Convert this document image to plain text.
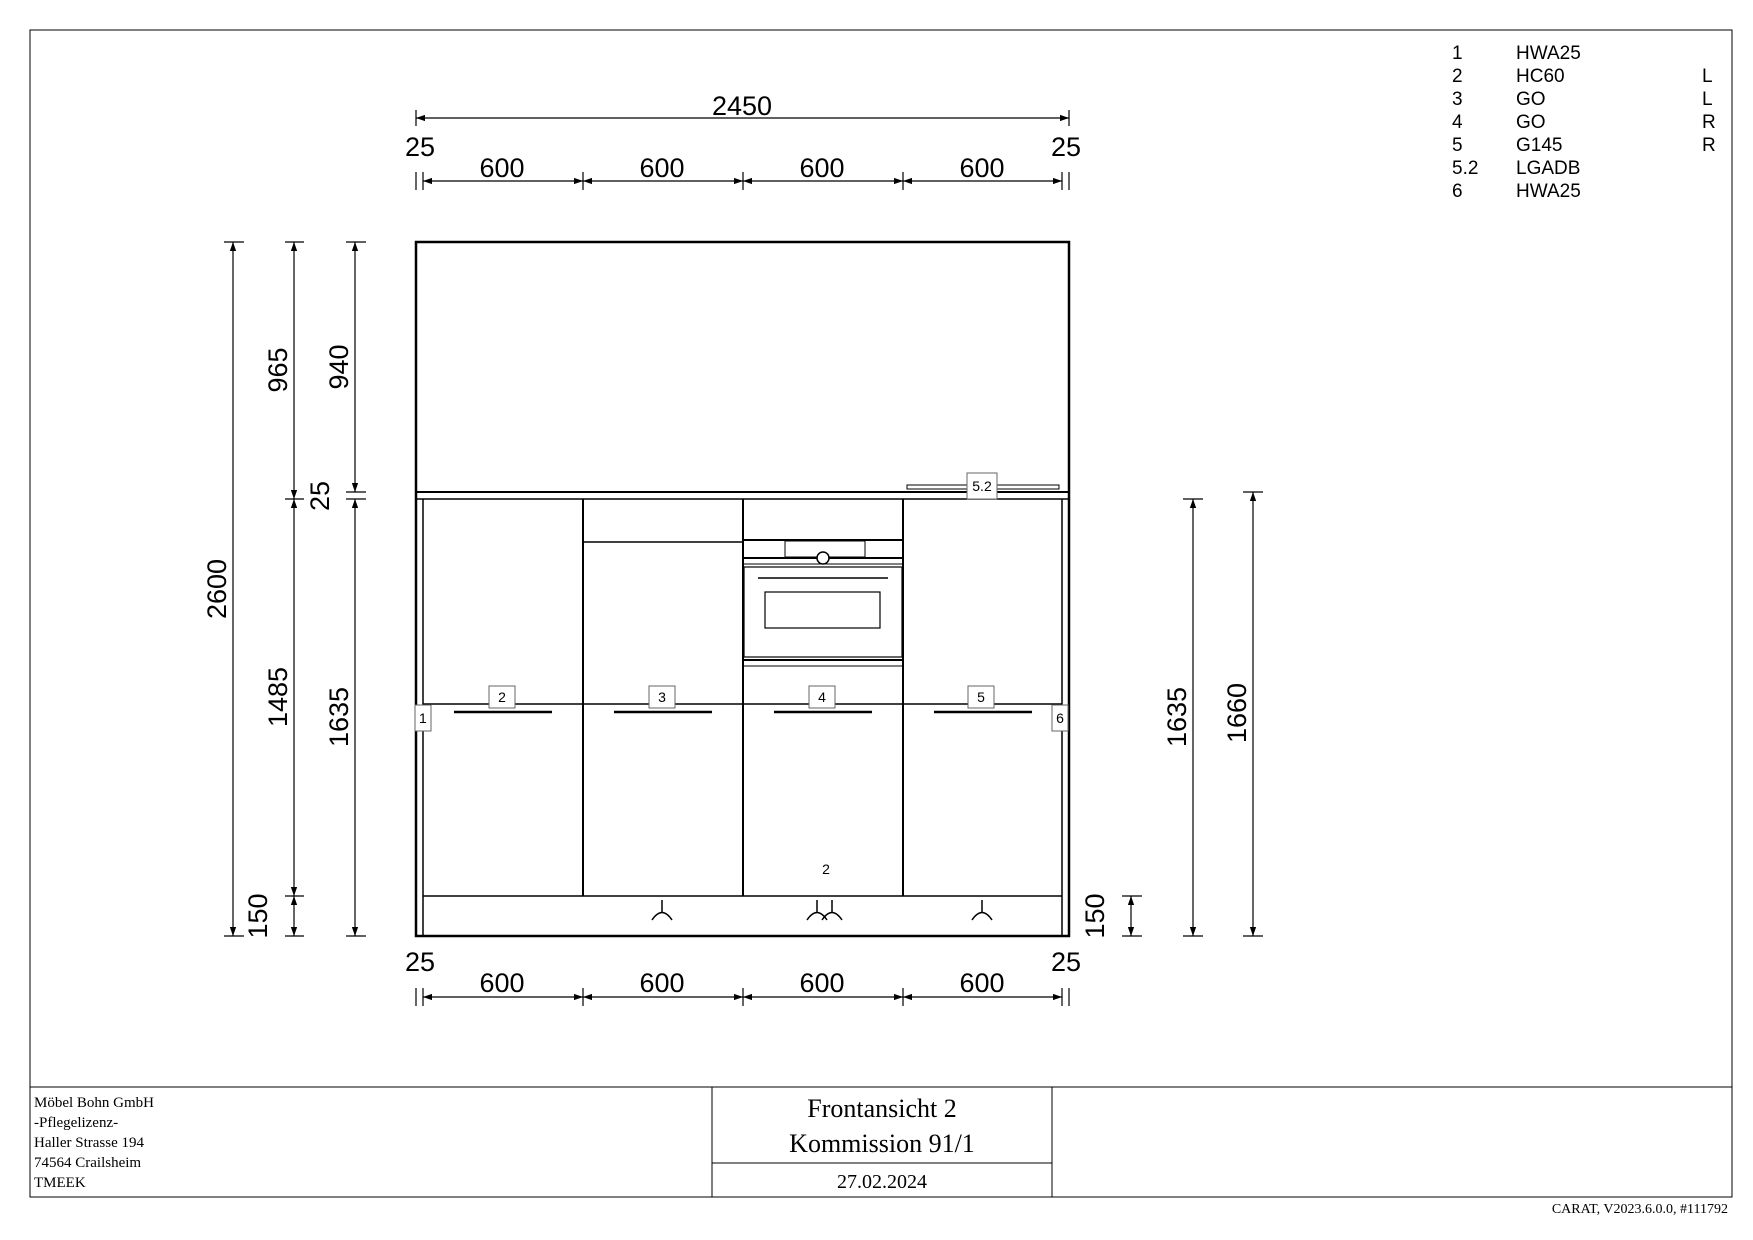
1
2	3	4	5
5.2
6
2
2450
25	25
600	600	600	600
25	25
600	600	600	600
2600
965
1485
150
940
25
1635
150
1635 1660
1	HWA25
2	HC60	L
3	GO	L
4	GO	R
5	G145	R
5.2 LGADB
6	HWA25
Möbel Bohn GmbH
-Pflegelizenz-
Haller Strasse 194
74564 Crailsheim
TMEEK
Frontansicht 2
Kommission 91/1
27.02.2024
CARAT, V2023.6.0.0, #111792
